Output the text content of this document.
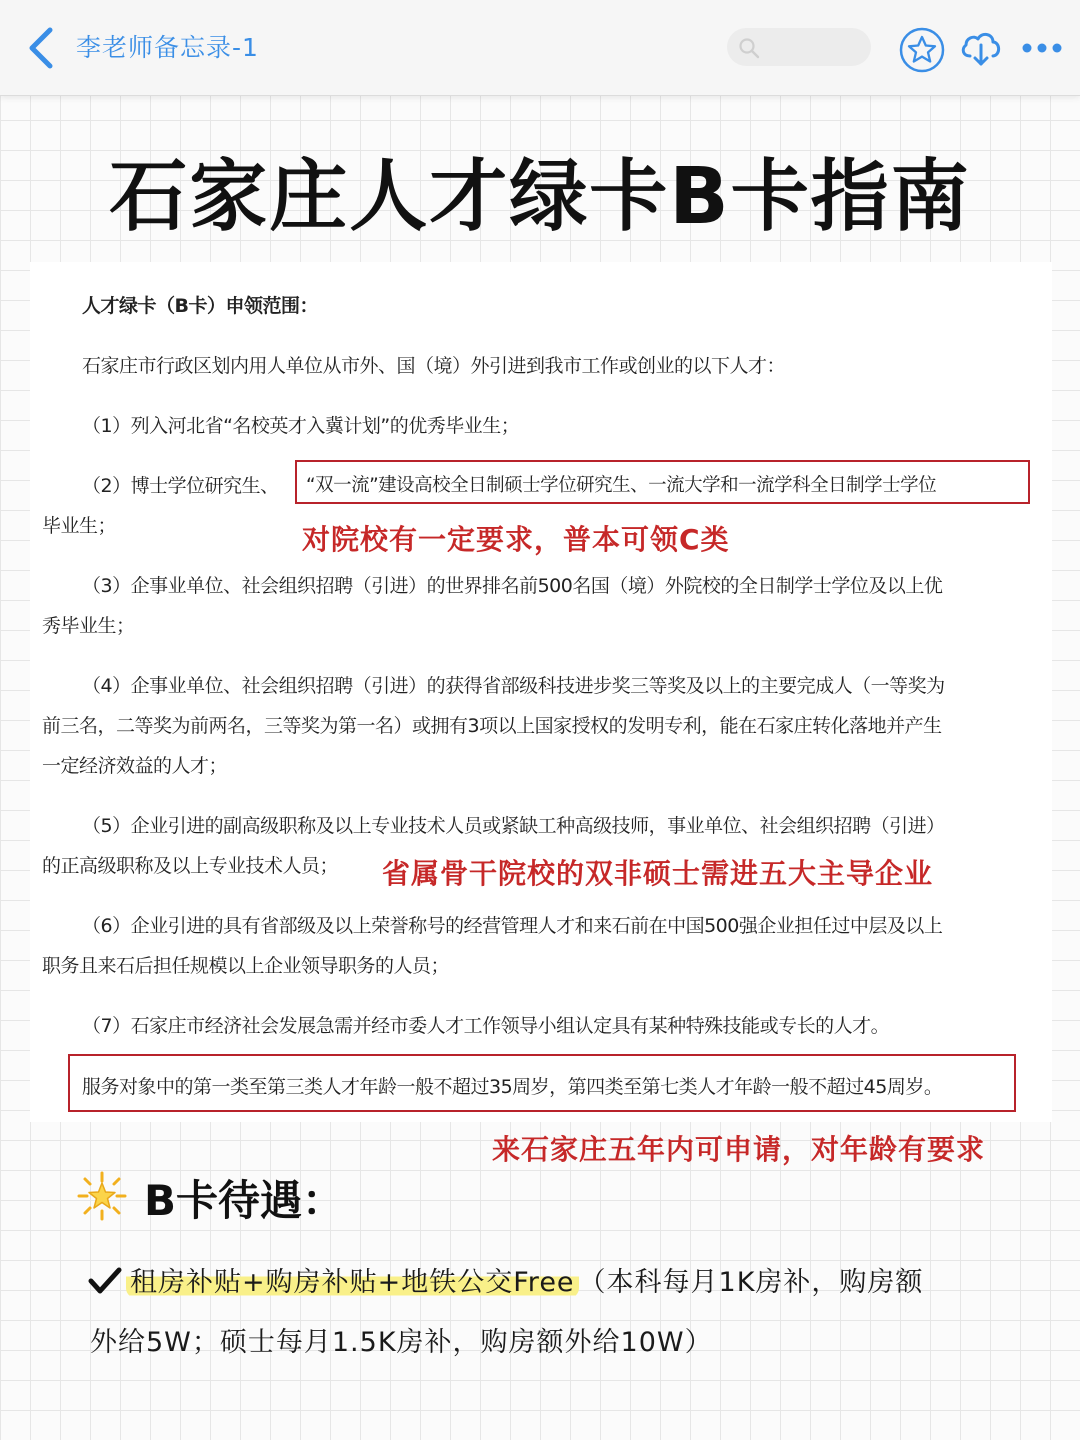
李老师备忘录-1
石家庄人才绿卡B卡指南
人才绿卡（B卡）申领范围：
石家庄市行政区划内用人单位从市外、国（境）外引进到我市工作或创业的以下人才：
（1）列入河北省“名校英才入冀计划”的优秀毕业生；
（2）博士学位研究生、 “双一流”建设高校全日制硕士学位研究生、一流大学和一流学科全日制学士学位
毕业生；
（3）企事业单位、社会组织招聘（引进）的世界排名前500名国（境）外院校的全日制学士学位及以上优
秀毕业生；
（4）企事业单位、社会组织招聘（引进）的获得省部级科技进步奖三等奖及以上的主要完成人（一等奖为
前三名，二等奖为前两名，三等奖为第一名）或拥有3项以上国家授权的发明专利，能在石家庄转化落地并产生
一定经济效益的人才；
（5）企业引进的副高级职称及以上专业技术人员或紧缺工种高级技师，事业单位、社会组织招聘（引进）
的正高级职称及以上专业技术人员；
（6）企业引进的具有省部级及以上荣誉称号的经营管理人才和来石前在中国500强企业担任过中层及以上
职务且来石后担任规模以上企业领导职务的人员；
（7）石家庄市经济社会发展急需并经市委人才工作领导小组认定具有某种特殊技能或专长的人才。
服务对象中的第一类至第三类人才年龄一般不超过35周岁，第四类至第七类人才年龄一般不超过45周岁。
对院校有一定要求，普本可领C类
省属骨干院校的双非硕士需进五大主导企业
来石家庄五年内可申请，对年龄有要求
B卡待遇：
租房补贴+购房补贴+地铁公交Free （本科每月1K房补，购房额
外给5W；硕士每月1.5K房补，购房额外给10W）
